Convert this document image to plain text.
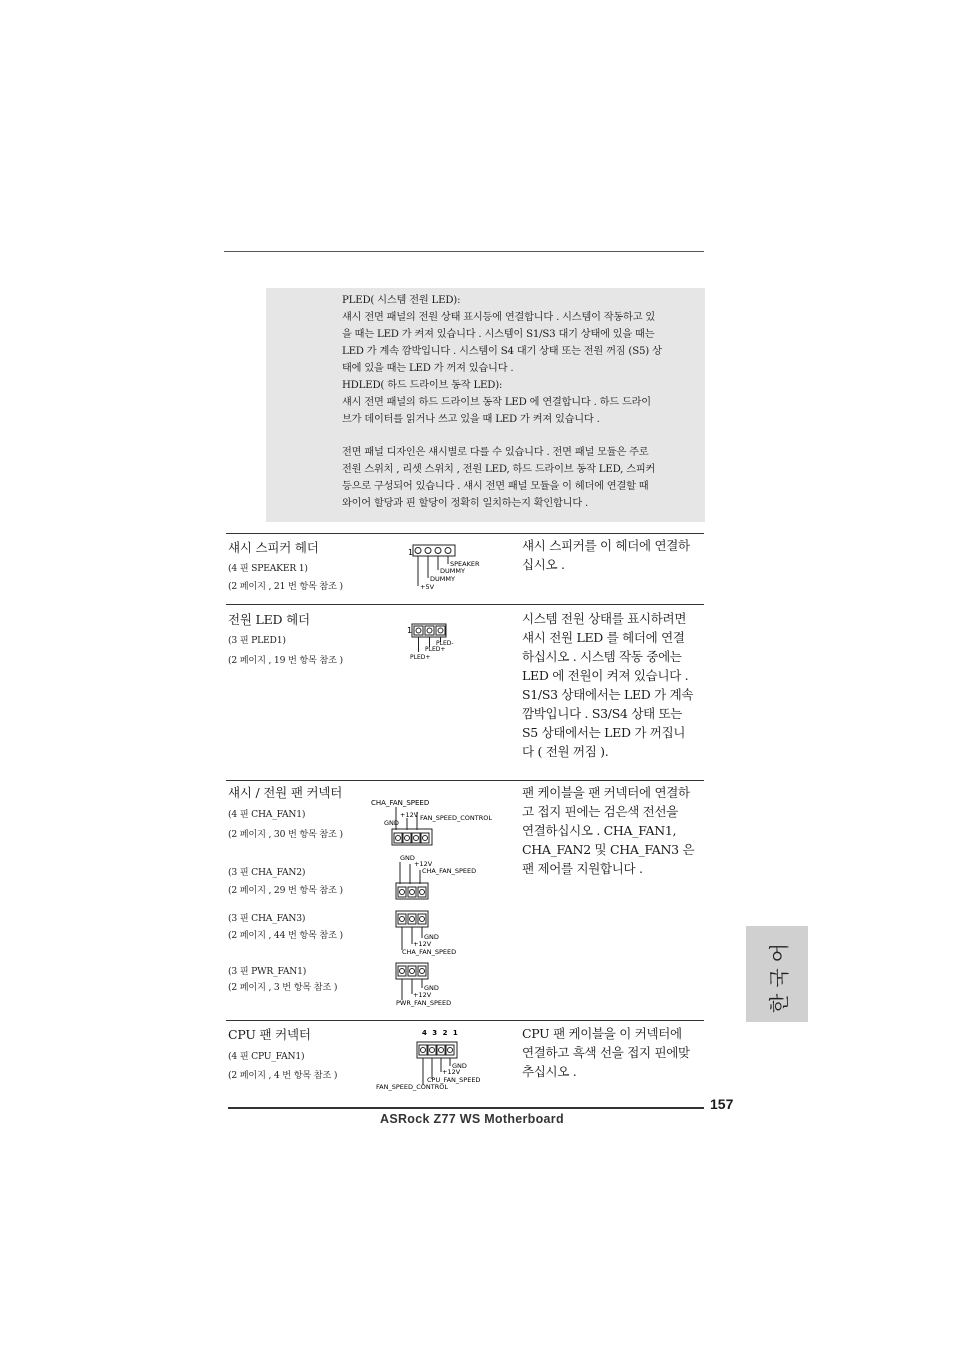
PLED( 시스템 전원 LED):

섀시 전면 패널의 전원 상태 표시등에 연결합니다 . 시스템이 작동하고 있

을 때는 LED 가 켜져 있습니다 . 시스템이 S1/S3 대기 상태에 있을 때는

LED 가 계속 깜박입니다 . 시스템이 S4 대기 상태 또는 전원 꺼짐 (S5) 상

태에 있을 때는 LED 가 꺼져 있습니다 .

HDLED( 하드 드라이브 동작 LED):

섀시 전면 패널의 하드 드라이브 동작 LED 에 연결합니다 . 하드 드라이

브가 데이터를 읽거나 쓰고 있을 때 LED 가 켜져 있습니다 .

전면 패널 디자인은 섀시별로 다를 수 있습니다 . 전면 패널 모듈은 주로

전원 스위치 , 리셋 스위치 , 전원 LED, 하드 드라이브 동작 LED, 스피커

등으로 구성되어 있습니다 . 섀시 전면 패널 모듈을 이 헤더에 연결할 때

와이어 할당과 핀 할당이 정확히 일치하는지 확인합니다 .

섀시 스피커 헤더
(4 핀 SPEAKER 1)
(2 페이지 , 21 번 항목 참조 )
1
SPEAKER
DUMMY
DUMMY
+5V
섀시 스피커를 이 헤더에 연결하
십시오 .
전원 LED 헤더
(3 핀 PLED1)
(2 페이지 , 19 번 항목 참조 )
1
PLED-
PLED+
PLED+
시스템 전원 상태를 표시하려면
섀시 전원 LED 를 헤더에 연결
하십시오 . 시스템 작동 중에는
LED 에 전원이 켜져 있습니다 .
S1/S3 상태에서는 LED 가 계속
깜박입니다 . S3/S4 상태 또는
S5 상태에서는 LED 가 꺼집니
다 ( 전원 꺼짐 ).
섀시 / 전원 팬 커넥터
(4 핀 CHA_FAN1)
(2 페이지 , 30 번 항목 참조 )
(3 핀 CHA_FAN2)
(2 페이지 , 29 번 항목 참조 )
(3 핀 CHA_FAN3)
(2 페이지 , 44 번 항목 참조 )
(3 핀 PWR_FAN1)
(2 페이지 , 3 번 항목 참조 )
CHA_FAN_SPEED
+12V
GND
FAN_SPEED_CONTROL
GND
+12V
CHA_FAN_SPEED
GND
+12V
CHA_FAN_SPEED
GND
+12V
PWR_FAN_SPEED
팬 케이블을 팬 커넥터에 연결하
고 접지 핀에는 검은색 전선을
연결하십시오 . CHA_FAN1,
CHA_FAN2 및 CHA_FAN3 은
팬 제어를 지원합니다 .
CPU 팬 커넥터
(4 핀 CPU_FAN1)
(2 페이지 , 4 번 항목 참조 )
4 3 2 1
GND
+12V
CPU_FAN_SPEED
FAN_SPEED_CONTROL
CPU 팬 케이블을 이 커넥터에
연결하고 흑색 선을 접지 핀에맞
추십시오 .
한국어
157
ASRock Z77 WS Motherboard
